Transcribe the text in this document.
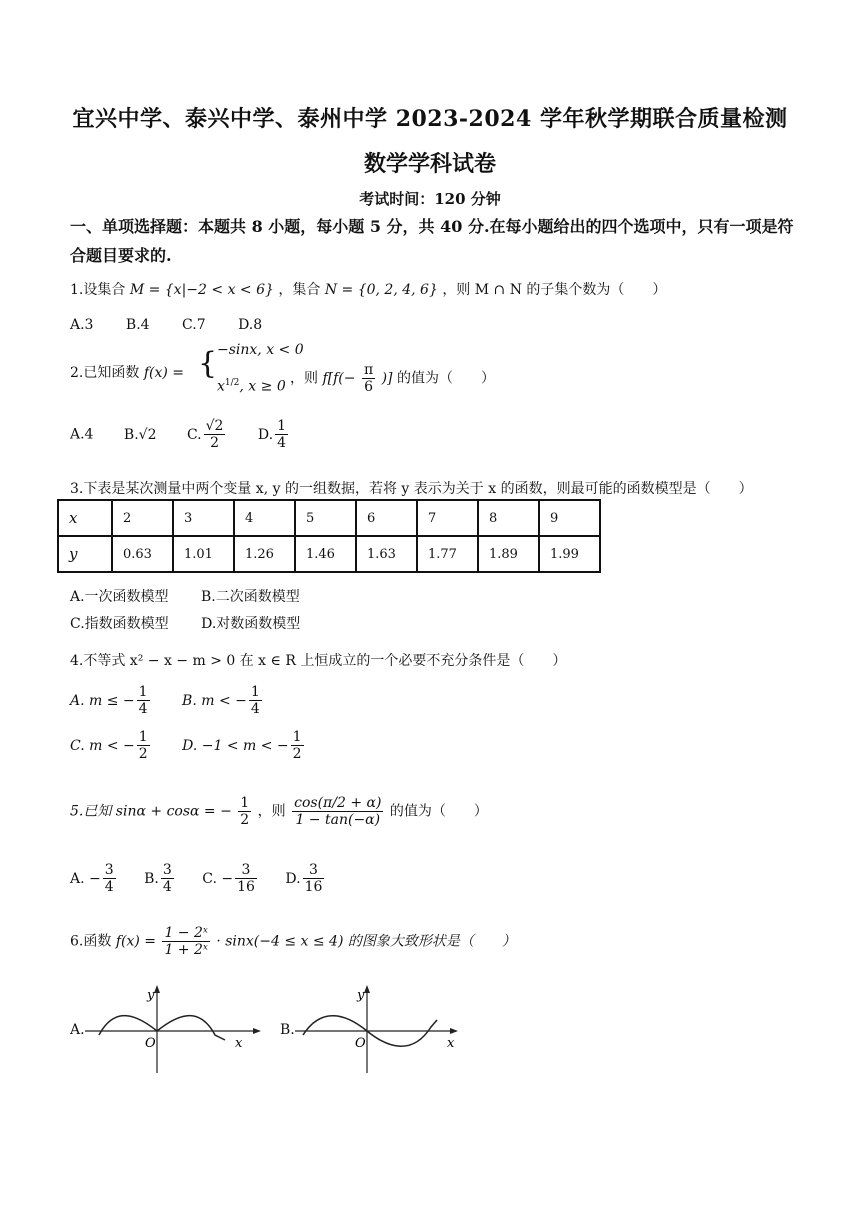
宜兴中学、泰兴中学、泰州中学 2023-2024 学年秋学期联合质量检测
数学学科试卷
考试时间：120 分钟
一、单项选择题：本题共 8 小题，每小题 5 分，共 40 分.在每小题给出的四个选项中，只有一项是符合题目要求的.
1.设集合 M = {x|−2 < x < 6} ，集合 N = {0, 2, 4, 6} ，则 M ∩ N 的子集个数为（　　）
A.3 B.4 C.7 D.8
2.已知函数 f(x) = { −sinx, x < 0
$x^{1/2}$, x ≥ 0
，则 $f[f(- \frac{\pi}{6}$ )] 的值为（　　）
A.4 B.√2 C. $\frac{√2}{2} D$. $\frac{1}{4}$
3.下表是某次测量中两个变量 x, y 的一组数据，若将 y 表示为关于 x 的函数，则最可能的函数模型是（　　）
x	2	3	4	5	6	7	8	9
y	0.63	1.01	1.26	1.46	1.63	1.77	1.89	1.99
A.一次函数模型 B.二次函数模型
C.指数函数模型 D.对数函数模型
4.不等式 x² − x − m > 0 在 x ∈ R 上恒成立的一个必要不充分条件是（　　）
A. m ≤ − $\frac{1}{4} B$. m < − $\frac{1}{4}$
C. m < − $\frac{1}{2} D$. −1 < m < − $\frac{1}{2}$
5.已知 sinα + cosα = − $\frac{1}{2}$ ，则 $\frac{\cos(\pi/2 + \alpha)}{1 - \tan(-\alpha)}$ 的值为（　　）
A. − $\frac{3}{4} B$. $\frac{3}{4} C$. − $\frac{3}{16} D$. $\frac{3}{16}$
6.函数 $f(x) = \frac{\text{1 − 2ˣ}}{\text{1 + 2ˣ}} \cdot \sin x(-4 \le x \le 4)$ 的图象大致形状是（　　）
A.
x
y
O
B.
x
y
O
